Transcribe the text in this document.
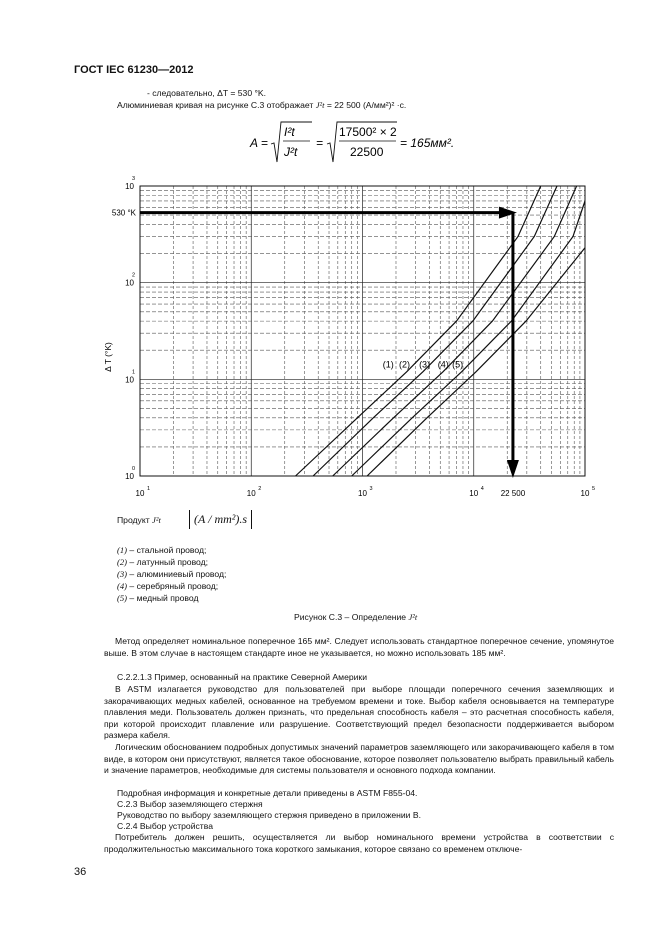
ГОСТ IEC 61230—2012
- следовательно, ΔT = 530 °K.
Алюминиевая кривая на рисунке С.3 отображает J²t = 22 500 (А/мм²)² ·с.
A =
I²t
J²t
=
17500² × 2
22500
= 165мм².
(1) (2) (3) (4) (5)
530 °K
22 500
10 1	10 2	10 3	10 4	10 5
10
0
10
1
10
2
10
3
Δ T (°K)
Продукт J²t	(A / mm²).s
(1) – стальной провод;
(2) – латунный провод;
(3) – алюминиевый провод;
(4) – серебряный провод;
(5) – медный провод
Рисунок С.3 – Определение J²t
Метод определяет номинальное поперечное 165 мм². Следует использовать стандартное поперечное сечение, упомянутое выше. В этом случае в настоящем стандарте иное не указывается, но можно использовать 185 мм².
С.2.2.1.3 Пример, основанный на практике Северной Америки
В ASTM излагается руководство для пользователей при выборе площади поперечного сечения заземляющих и закорачивающих медных кабелей, основанное на требуемом времени и токе. Выбор кабеля основывается на температуре плавления меди. Пользователь должен признать, что предельная способность кабеля – это расчетная способность кабеля, при которой происходит плавление или разрушение. Соответствующий предел безопасности поддерживается выбором размера кабеля.
Логическим обоснованием подробных допустимых значений параметров заземляющего или закорачивающего кабеля в том виде, в котором они присутствуют, является такое обоснование, которое позволяет пользователю выбрать правильный кабель и значение параметров, необходимые для системы пользователя и основного подхода компании.
Подробная информация и конкретные детали приведены в ASTM F855-04.
С.2.3 Выбор заземляющего стержня
Руководство по выбору заземляющего стержня приведено в приложении В.
С.2.4 Выбор устройства
Потребитель должен решить, осуществляется ли выбор номинального времени устройства в соответствии с продолжительностью максимального тока короткого замыкания, которое связано со временем отключе-
36
